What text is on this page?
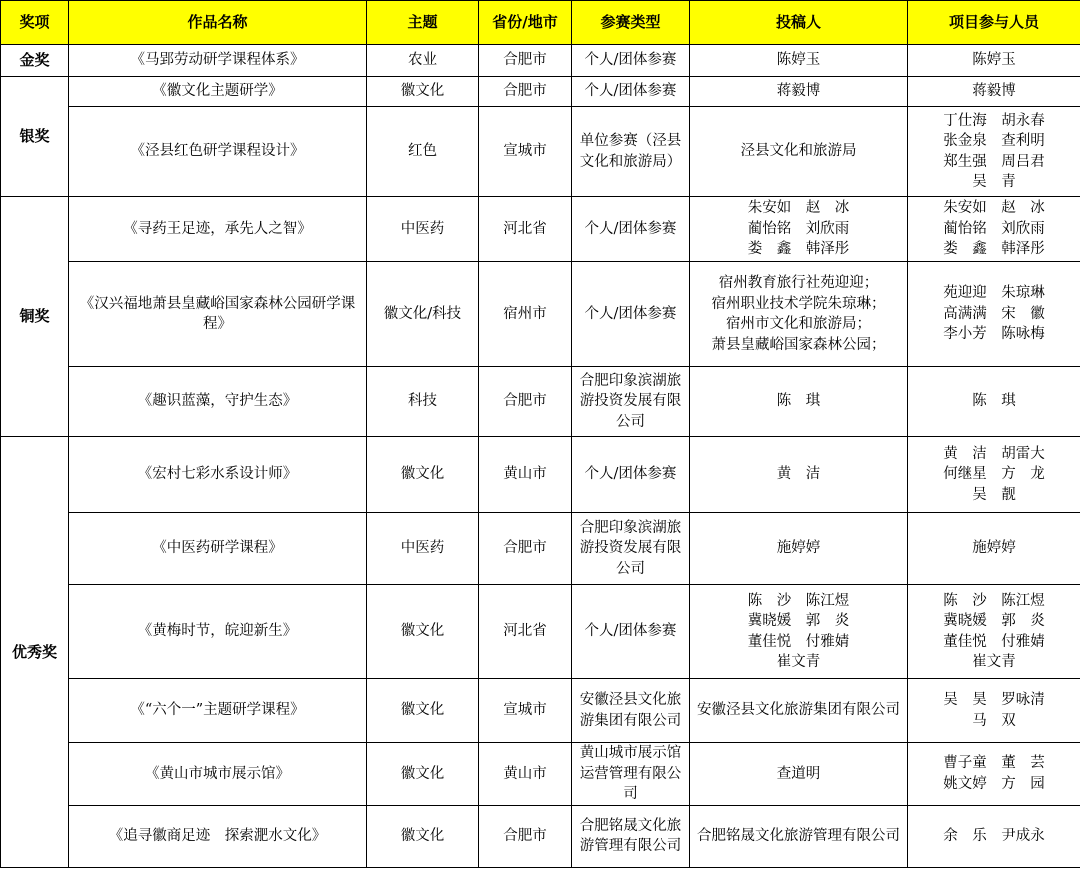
奖项	作品名称	主题	省份/地市	参赛类型	投稿人	项目参与人员
金奖	《马郢劳动研学课程体系》	农业	合肥市	个人/团体参赛	陈婷玉	陈婷玉

银奖	《徽文化主题研学》	徽文化	合肥市	个人/团体参赛	蒋毅博	蒋毅博

	《泾县红色研学课程设计》	红色	宣城市	单位参赛（泾县文化和旅游局）	泾县文化和旅游局	丁仕海　胡永春
张金泉　查利明
郑生强　周吕君
吴　青

铜奖	《寻药王足迹，承先人之智》	中医药	河北省	个人/团体参赛	朱安如　赵　冰
蔺怡铭　刘欣雨
娄　鑫　韩泽彤	朱安如　赵　冰
蔺怡铭　刘欣雨
娄　鑫　韩泽彤

	《汉兴福地萧县皇藏峪国家森林公园研学课程》	徽文化/科技	宿州市	个人/团体参赛	宿州教育旅行社苑迎迎；
宿州职业技术学院朱琼琳；
宿州市文化和旅游局；
萧县皇藏峪国家森林公园；	苑迎迎　朱琼琳
高满满　宋　徽
李小芳　陈咏梅

	《趣识蓝藻，守护生态》	科技	合肥市	合肥印象滨湖旅游投资发展有限公司	陈　琪	陈　琪

优秀奖	《宏村七彩水系设计师》	徽文化	黄山市	个人/团体参赛	黄　洁	黄　洁　胡雷大
何继星　方　龙
吴　靓

	《中医药研学课程》	中医药	合肥市	合肥印象滨湖旅游投资发展有限公司	施婷婷	施婷婷

	《黄梅时节，皖迎新生》	徽文化	河北省	个人/团体参赛	陈　沙　陈江煜
冀晓媛　郭　炎
董佳悦　付雅婧
崔文青	陈　沙　陈江煜
冀晓媛　郭　炎
董佳悦　付雅婧
崔文青

	《“六个一”主题研学课程》	徽文化	宣城市	安徽泾县文化旅游集团有限公司	安徽泾县文化旅游集团有限公司	吴　昊　罗咏清
马　双

	《黄山市城市展示馆》	徽文化	黄山市	黄山城市展示馆运营管理有限公司	查道明	曹子童　董　芸
姚文婷　方　园

	《追寻徽商足迹　探索淝水文化》	徽文化	合肥市	合肥铭晟文化旅游管理有限公司	合肥铭晟文化旅游管理有限公司	余　乐　尹成永
